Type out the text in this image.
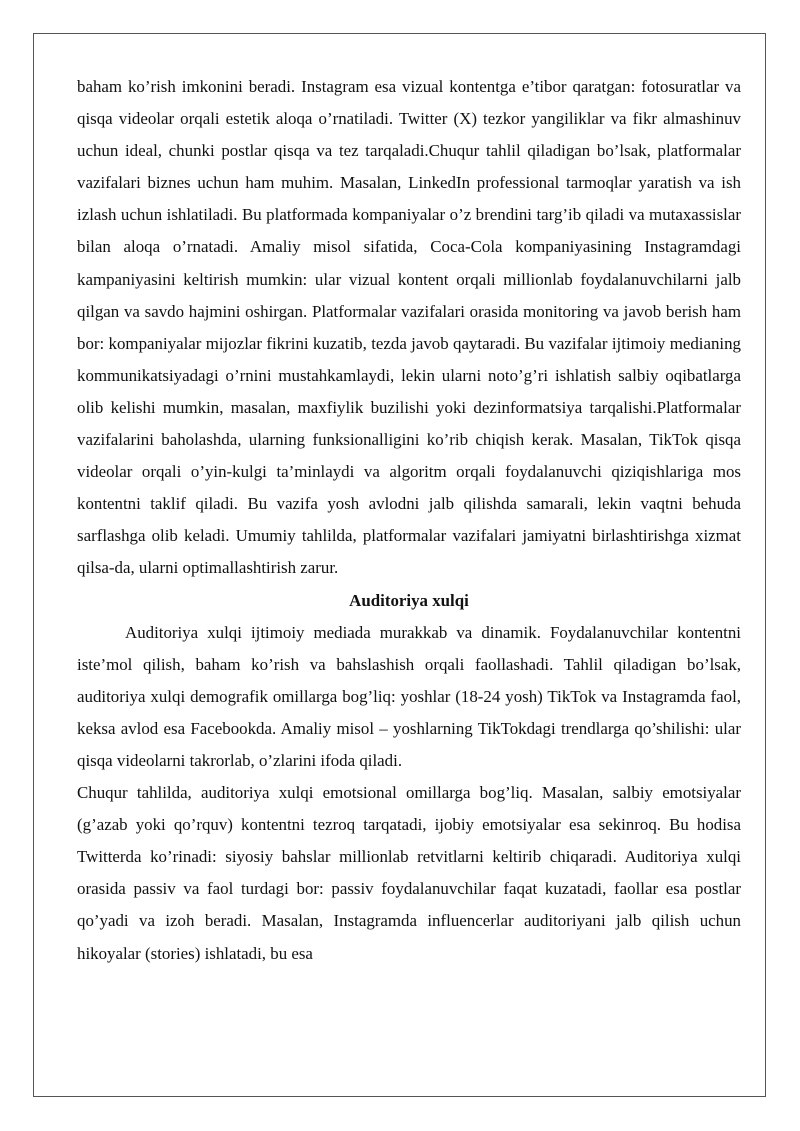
baham ko’rish imkonini beradi. Instagram esa vizual kontentga e’tibor qaratgan: fotosuratlar va qisqa videolar orqali estetik aloqa o’rnatiladi. Twitter (X) tezkor yangiliklar va fikr almashinuv uchun ideal, chunki postlar qisqa va tez tarqaladi.Chuqur tahlil qiladigan bo’lsak, platformalar vazifalari biznes uchun ham muhim. Masalan, LinkedIn professional tarmoqlar yaratish va ish izlash uchun ishlatiladi. Bu platformada kompaniyalar o’z brendini targ’ib qiladi va mutaxassislar bilan aloqa o’rnatadi. Amaliy misol sifatida, Coca-Cola kompaniyasining Instagramdagi kampaniyasini keltirish mumkin: ular vizual kontent orqali millionlab foydalanuvchilarni jalb qilgan va savdo hajmini oshirgan. Platformalar vazifalari orasida monitoring va javob berish ham bor: kompaniyalar mijozlar fikrini kuzatib, tezda javob qaytaradi. Bu vazifalar ijtimoiy medianing kommunikatsiyadagi o’rnini mustahkamlaydi, lekin ularni noto’g’ri ishlatish salbiy oqibatlarga olib kelishi mumkin, masalan, maxfiylik buzilishi yoki dezinformatsiya tarqalishi.Platformalar vazifalarini baholashda, ularning funksionalligini ko’rib chiqish kerak. Masalan, TikTok qisqa videolar orqali o’yin-kulgi ta’minlaydi va algoritm orqali foydalanuvchi qiziqishlariga mos kontentni taklif qiladi. Bu vazifa yosh avlodni jalb qilishda samarali, lekin vaqtni behuda sarflashga olib keladi. Umumiy tahlilda, platformalar vazifalari jamiyatni birlashtirishga xizmat qilsa-da, ularni optimallashtirish zarur.

Auditoriya xulqi

Auditoriya xulqi ijtimoiy mediada murakkab va dinamik. Foydalanuvchilar kontentni iste’mol qilish, baham ko’rish va bahslashish orqali faollashadi. Tahlil qiladigan bo’lsak, auditoriya xulqi demografik omillarga bog’liq: yoshlar (18-24 yosh) TikTok va Instagramda faol, keksa avlod esa Facebookda. Amaliy misol – yoshlarning TikTokdagi trendlarga qo’shilishi: ular qisqa videolarni takrorlab, o’zlarini ifoda qiladi.

Chuqur tahlilda, auditoriya xulqi emotsional omillarga bog’liq. Masalan, salbiy emotsiyalar (g’azab yoki qo’rquv) kontentni tezroq tarqatadi, ijobiy emotsiyalar esa sekinroq. Bu hodisa Twitterda ko’rinadi: siyosiy bahslar millionlab retvitlarni keltirib chiqaradi. Auditoriya xulqi orasida passiv va faol turdagi bor: passiv foydalanuvchilar faqat kuzatadi, faollar esa postlar qo’yadi va izoh beradi. Masalan, Instagramda influencerlar auditoriyani jalb qilish uchun hikoyalar (stories) ishlatadi, bu esa
